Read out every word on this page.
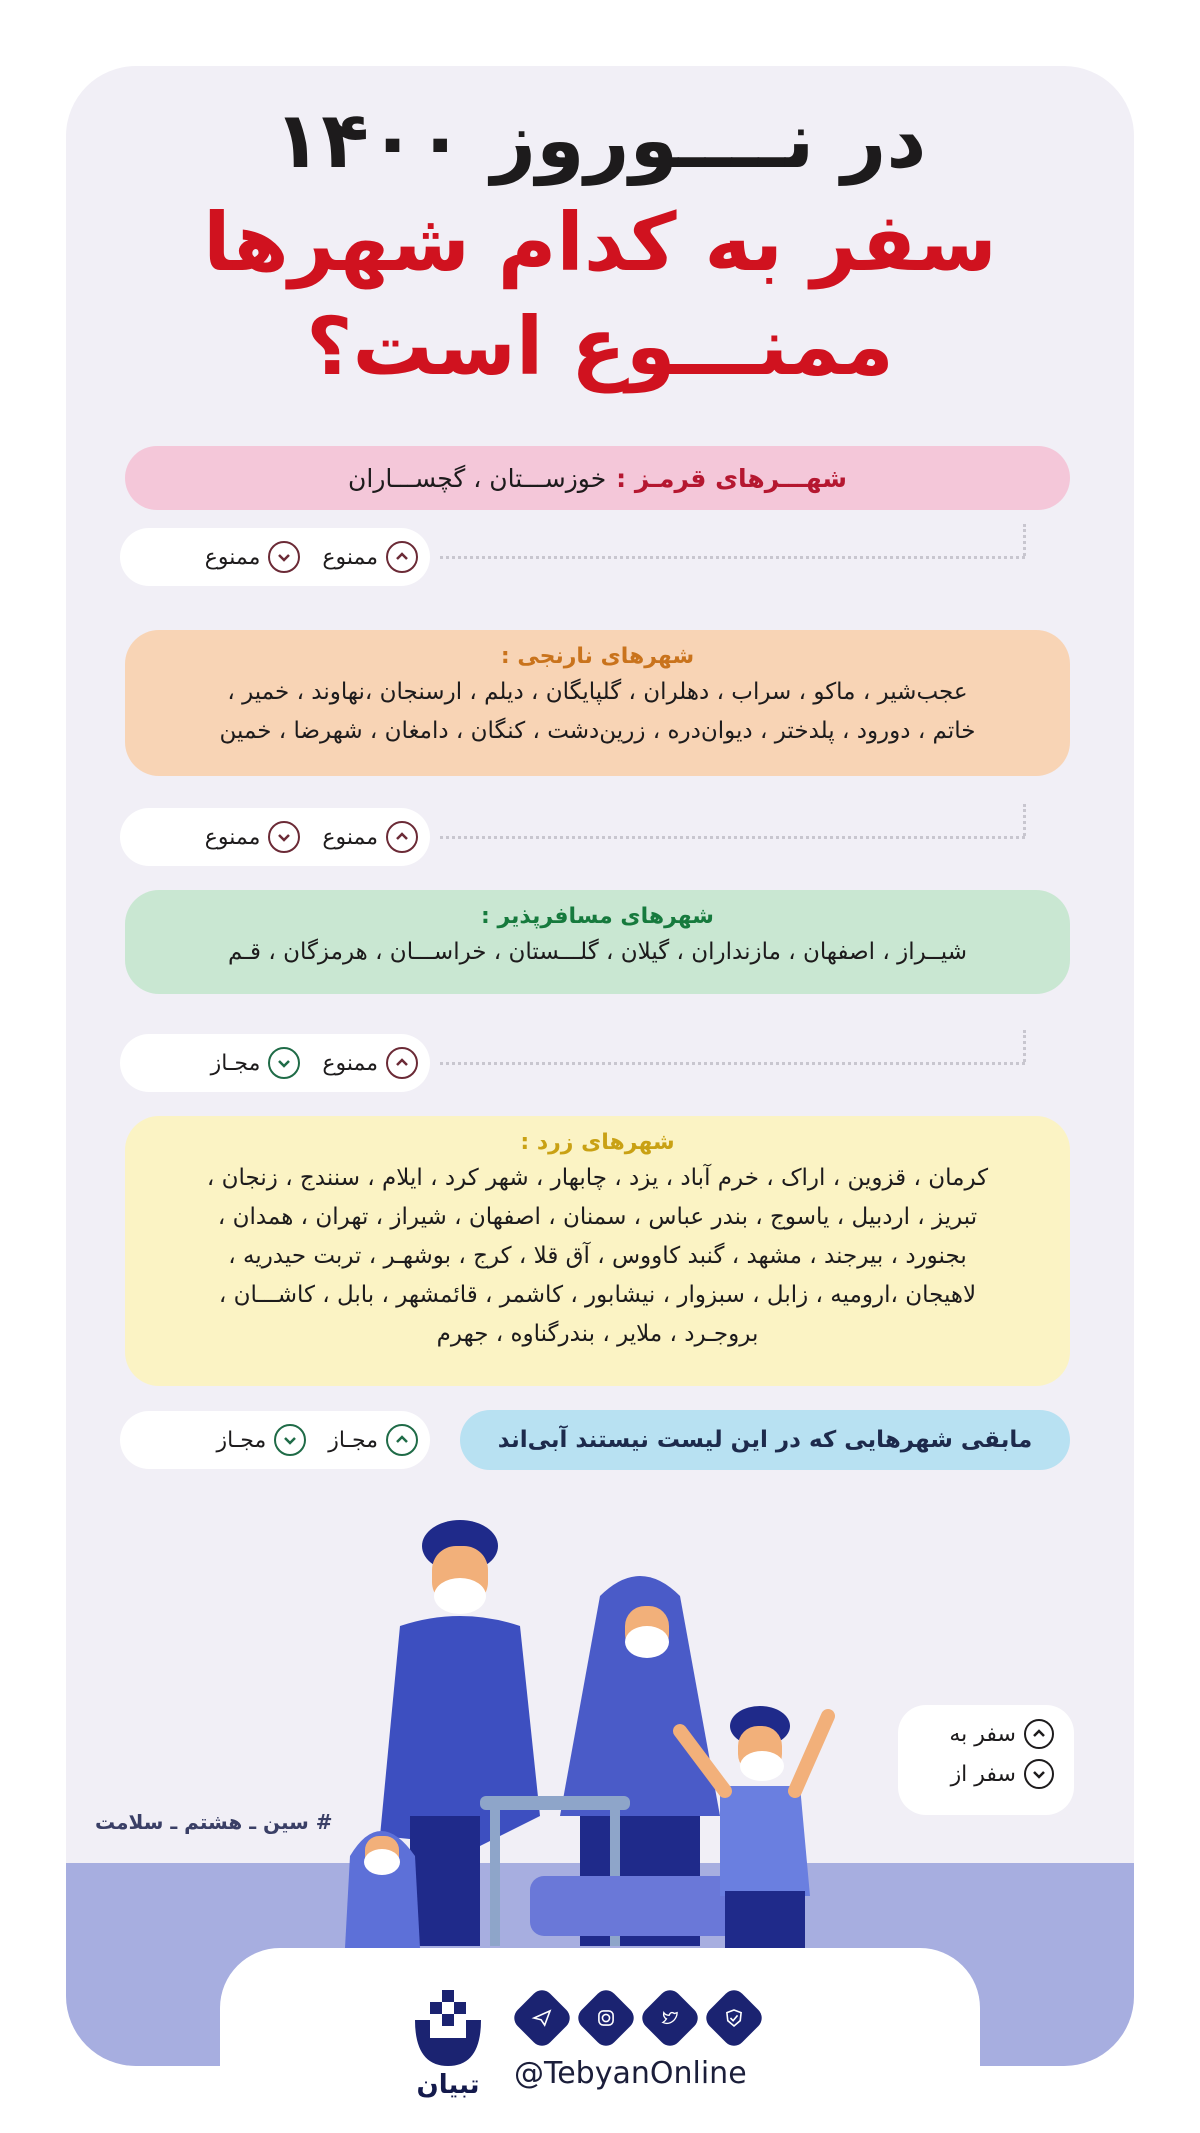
در نــــوروز ۱۴۰۰
سفر به کدام شهرها
ممنـــوع است؟
شهـــرهای قرمـز :
خوزســـتان ، گچســـاران
ممنوع
ممنوع
شهرهای نارنجی :
عجب‌شیر ، ماکو ، سراب ، دهلران ، گلپایگان ، دیلم ، ارسنجان ،نهاوند ، خمیر ،
خاتم ، دورود ، پلدختر ، دیوان‌دره ، زرین‌دشت ، کنگان ، دامغان ، شهرضا ، خمین
ممنوع
ممنوع
شهرهای مسافرپذیر :
شیــراز ، اصفهان ، مازنداران ، گیلان ، گلـــستان ، خراســـان ، هرمزگان ، قـم
ممنوع
مجـاز
شهرهای زرد :
کرمان ، قزوین ، اراک ، خرم آباد ، یزد ، چابهار ، شهر کرد ، ایلام ، سنندج ، زنجان ،
تبریز ، اردبیل ، یاسوج ، بندر عباس ، سمنان ، اصفهان ، شیراز ، تهران ، همدان ،
بجنورد ، بیرجند ، مشهد ، گنبد کاووس ، آق قلا ، کرج ، بوشهـر ، تربت حیدریه ،
لاهیجان ،ارومیه ، زابل ، سبزوار ، نیشابور ، کاشمر ، قائمشهر ، بابل ، کاشـــان ،
بروجـرد ، ملایر ، بندرگناوه ، جهرم
مابقی شهرهایی که در این لیست نیستند آبی‌اند
مجـاز
مجـاز
سفر به
سفر از
# سین ـ هشتم ـ سلامت
تبیان @TebyanOnline
